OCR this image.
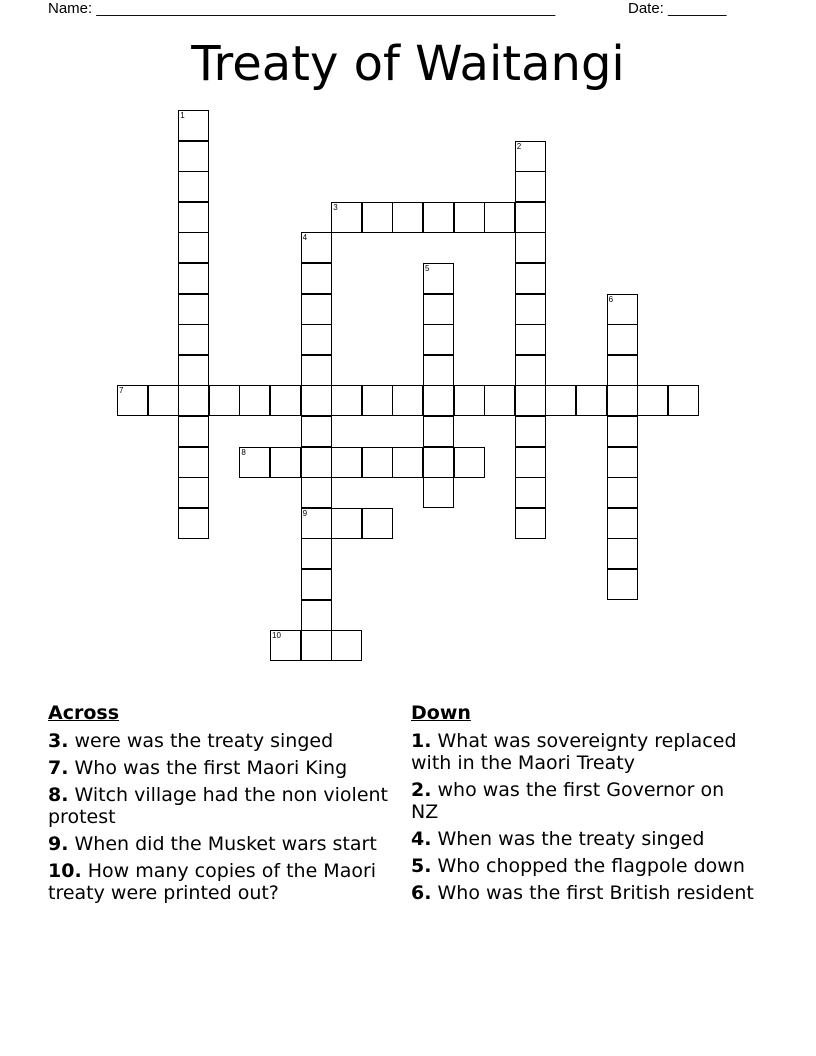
Name: _______________________________________________________	Date: _______
Treaty of Waitangi
1
2
3
4
9
5
6
7
8
10
Across
3. were was the treaty singed
7. Who was the first Maori King
8. Witch village had the non violent protest
9. When did the Musket wars start
10. How many copies of the Maori treaty were printed out?
Down
1. What was sovereignty replaced with in the Maori Treaty
2. who was the first Governor on NZ
4. When was the treaty singed
5. Who chopped the flagpole down
6. Who was the first British resident
